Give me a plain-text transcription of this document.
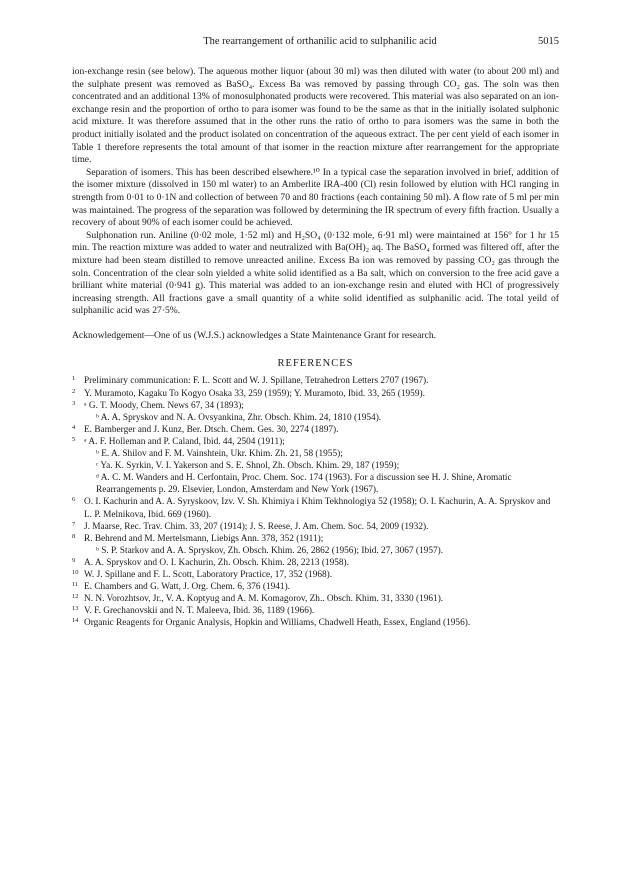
The rearrangement of orthanilic acid to sulphanilic acid	5015

ion-exchange resin (see below). The aqueous mother liquor (about 30 ml) was then diluted with water (to about 200 ml) and the sulphate present was removed as BaSO₄. Excess Ba was removed by passing through CO₂ gas. The soln was then concentrated and an additional 13% of monosulphonated products were recovered. This material was also separated on an ion-exchange resin and the proportion of ortho to para isomer was found to be the same as that in the initially isolated sulphonic acid mixture. It was therefore assumed that in the other runs the ratio of ortho to para isomers was the same in both the product initially isolated and the product isolated on concentration of the aqueous extract. The per cent yield of each isomer in Table 1 therefore represents the total amount of that isomer in the reaction mixture after rearrangement for the appropriate time.

Separation of isomers. This has been described elsewhere.¹⁰ In a typical case the separation involved in brief, addition of the isomer mixture (dissolved in 150 ml water) to an Amberlite IRA-400 (Cl) resin followed by elution with HCl ranging in strength from 0·01 to 0·1N and collection of between 70 and 80 fractions (each containing 50 ml). A flow rate of 5 ml per min was maintained. The progress of the separation was followed by determining the IR spectrum of every fifth fraction. Usually a recovery of about 90% of each isomer could be achieved.

Sulphonation run. Aniline (0·02 mole, 1·52 ml) and H₂SO₄ (0·132 mole, 6·91 ml) were maintained at 156° for 1 hr 15 min. The reaction mixture was added to water and neutralized with Ba(OH)₂ aq. The BaSO₄ formed was filtered off, after the mixture had been steam distilled to remove unreacted aniline. Excess Ba ion was removed by passing CO₂ gas through the soln. Concentration of the clear soln yielded a white solid identified as a Ba salt, which on conversion to the free acid gave a brilliant white material (0·941 g). This material was added to an ion-exchange resin and eluted with HCl of progressively increasing strength. All fractions gave a small quantity of a white solid identified as sulphanilic acid. The total yeild of sulphanilic acid was 27·5%.

Acknowledgement—One of us (W.J.S.) acknowledges a State Maintenance Grant for research.

REFERENCES
1 Preliminary communication: F. L. Scott and W. J. Spillane, Tetrahedron Letters 2707 (1967).
2 Y. Muramoto, Kagaku To Kogyo Osaka 33, 259 (1959); Y. Muramoto, Ibid. 33, 265 (1959).
3 ᵃ G. T. Moody, Chem. News 67, 34 (1893);
ᵇ A. A. Spryskov and N. A. Ovsyankina, Zhr. Obsch. Khim. 24, 1810 (1954).
4 E. Bamberger and J. Kunz, Ber. Dtsch. Chem. Ges. 30, 2274 (1897).
5 ᵃ A. F. Holleman and P. Caland, Ibid. 44, 2504 (1911);
ᵇ E. A. Shilov and F. M. Vainshtein, Ukr. Khim. Zh. 21, 58 (1955);
ᶜ Ya. K. Syrkin, V. I. Yakerson and S. E. Shnol, Zh. Obsch. Khim. 29, 187 (1959);
ᵈ A. C. M. Wanders and H. Cerfontain, Proc. Chem. Soc. 174 (1963). For a discussion see H. J. Shine, Aromatic Rearrangements p. 29. Elsevier, London, Amsterdam and New York (1967).
6 O. I. Kachurin and A. A. Syryskoov, Izv. V. Sh. Khimiya i Khim Tekhnologiya 52 (1958); O. I. Kachurin, A. A. Spryskov and L. P. Melnikova, Ibid. 669 (1960).
7 J. Maarse, Rec. Trav. Chim. 33, 207 (1914); J. S. Reese, J. Am. Chem. Soc. 54, 2009 (1932).
8 R. Behrend and M. Mertelsmann, Liebigs Ann. 378, 352 (1911);
ᵇ S. P. Starkov and A. A. Spryskov, Zh. Obsch. Khim. 26, 2862 (1956); Ibid. 27, 3067 (1957).
9 A. A. Spryskov and O. I. Kachurin, Zh. Obsch. Khim. 28, 2213 (1958).
10 W. J. Spillane and F. L. Scott, Laboratory Practice, 17, 352 (1968).
11 E. Chambers and G. Watt, J. Org. Chem. 6, 376 (1941).
12 N. N. Vorozhtsov, Jr., V. A. Koptyug and A. M. Komagorov, Zh.. Obsch. Khim. 31, 3330 (1961).
13 V. F. Grechanovskii and N. T. Maleeva, Ibid. 36, 1189 (1966).
14 Organic Reagents for Organic Analysis, Hopkin and Williams, Chadwell Heath, Essex, England (1956).
